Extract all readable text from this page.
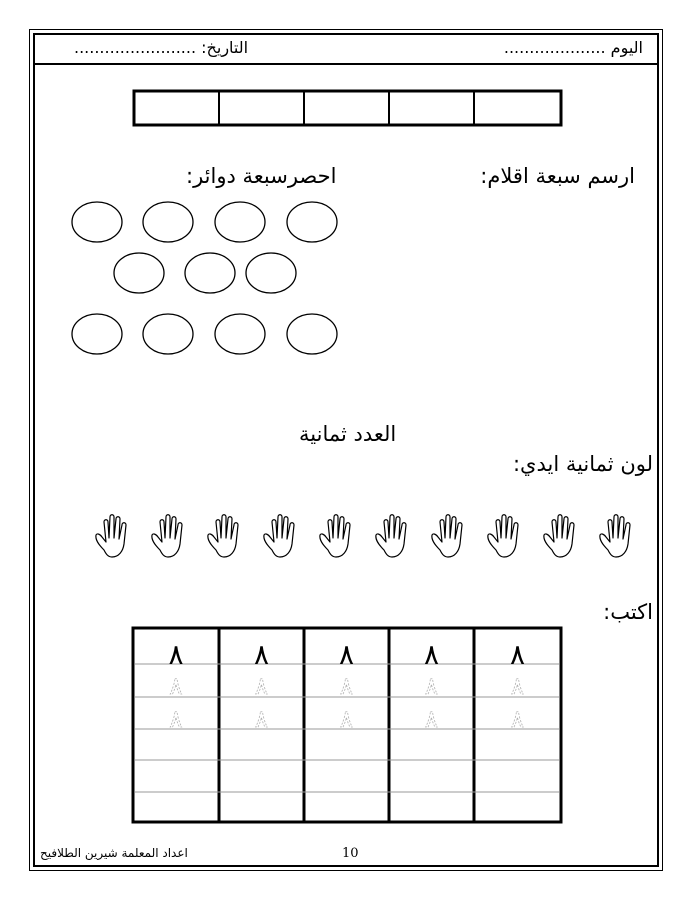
اليوم ....................
التاريخ: ........................
٨
٨
٨
٨
٨
٨
٨
٨
٨
٨
٨
٨
٨
٨
٨
ارسم سبعة اقلام:
احصرسبعة دوائر:
العدد ثمانية
لون ثمانية ايدي:
اكتب:
10
اعداد المعلمة شيرين الطلافيح
